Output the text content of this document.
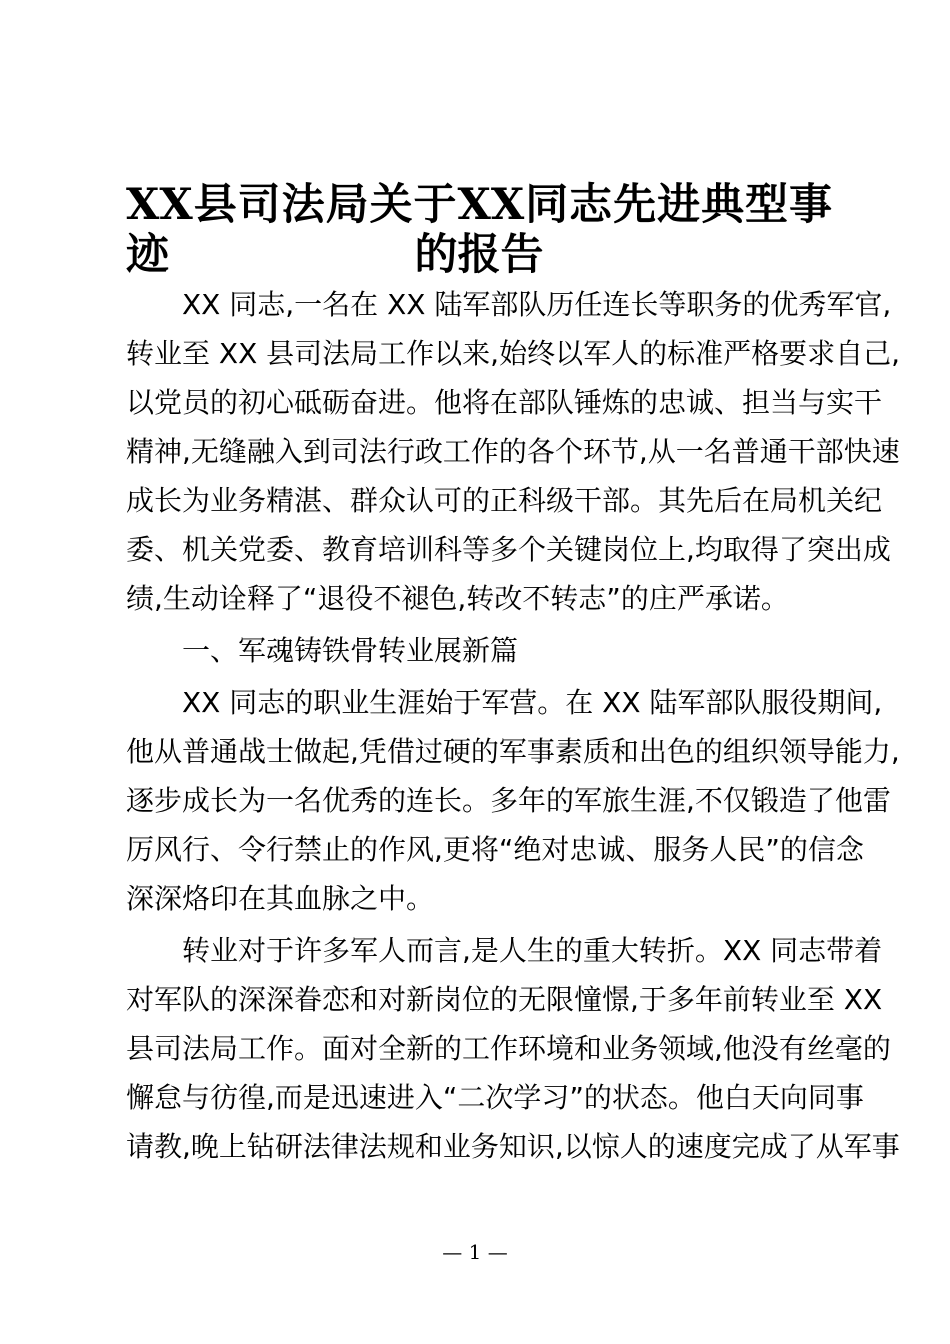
XX县司法局关于XX同志先进典型事迹	的报告
XX 同志,一名在 XX 陆军部队历任连长等职务的优秀军官,
转业至 XX 县司法局工作以来,始终以军人的标准严格要求自己,
以党员的初心砥砺奋进。他将在部队锤炼的忠诚、担当与实干
精神,无缝融入到司法行政工作的各个环节,从一名普通干部快速
成长为业务精湛、群众认可的正科级干部。其先后在局机关纪
委、机关党委、教育培训科等多个关键岗位上,均取得了突出成
绩,生动诠释了“退役不褪色,转改不转志”的庄严承诺。
一、军魂铸铁骨转业展新篇
XX 同志的职业生涯始于军营。在 XX 陆军部队服役期间,
他从普通战士做起,凭借过硬的军事素质和出色的组织领导能力,
逐步成长为一名优秀的连长。多年的军旅生涯,不仅锻造了他雷
厉风行、令行禁止的作风,更将“绝对忠诚、服务人民”的信念
深深烙印在其血脉之中。
转业对于许多军人而言,是人生的重大转折。XX 同志带着
对军队的深深眷恋和对新岗位的无限憧憬,于多年前转业至 XX
县司法局工作。面对全新的工作环境和业务领域,他没有丝毫的
懈怠与彷徨,而是迅速进入“二次学习”的状态。他白天向同事
请教,晚上钻研法律法规和业务知识,以惊人的速度完成了从军事
— 1 —
